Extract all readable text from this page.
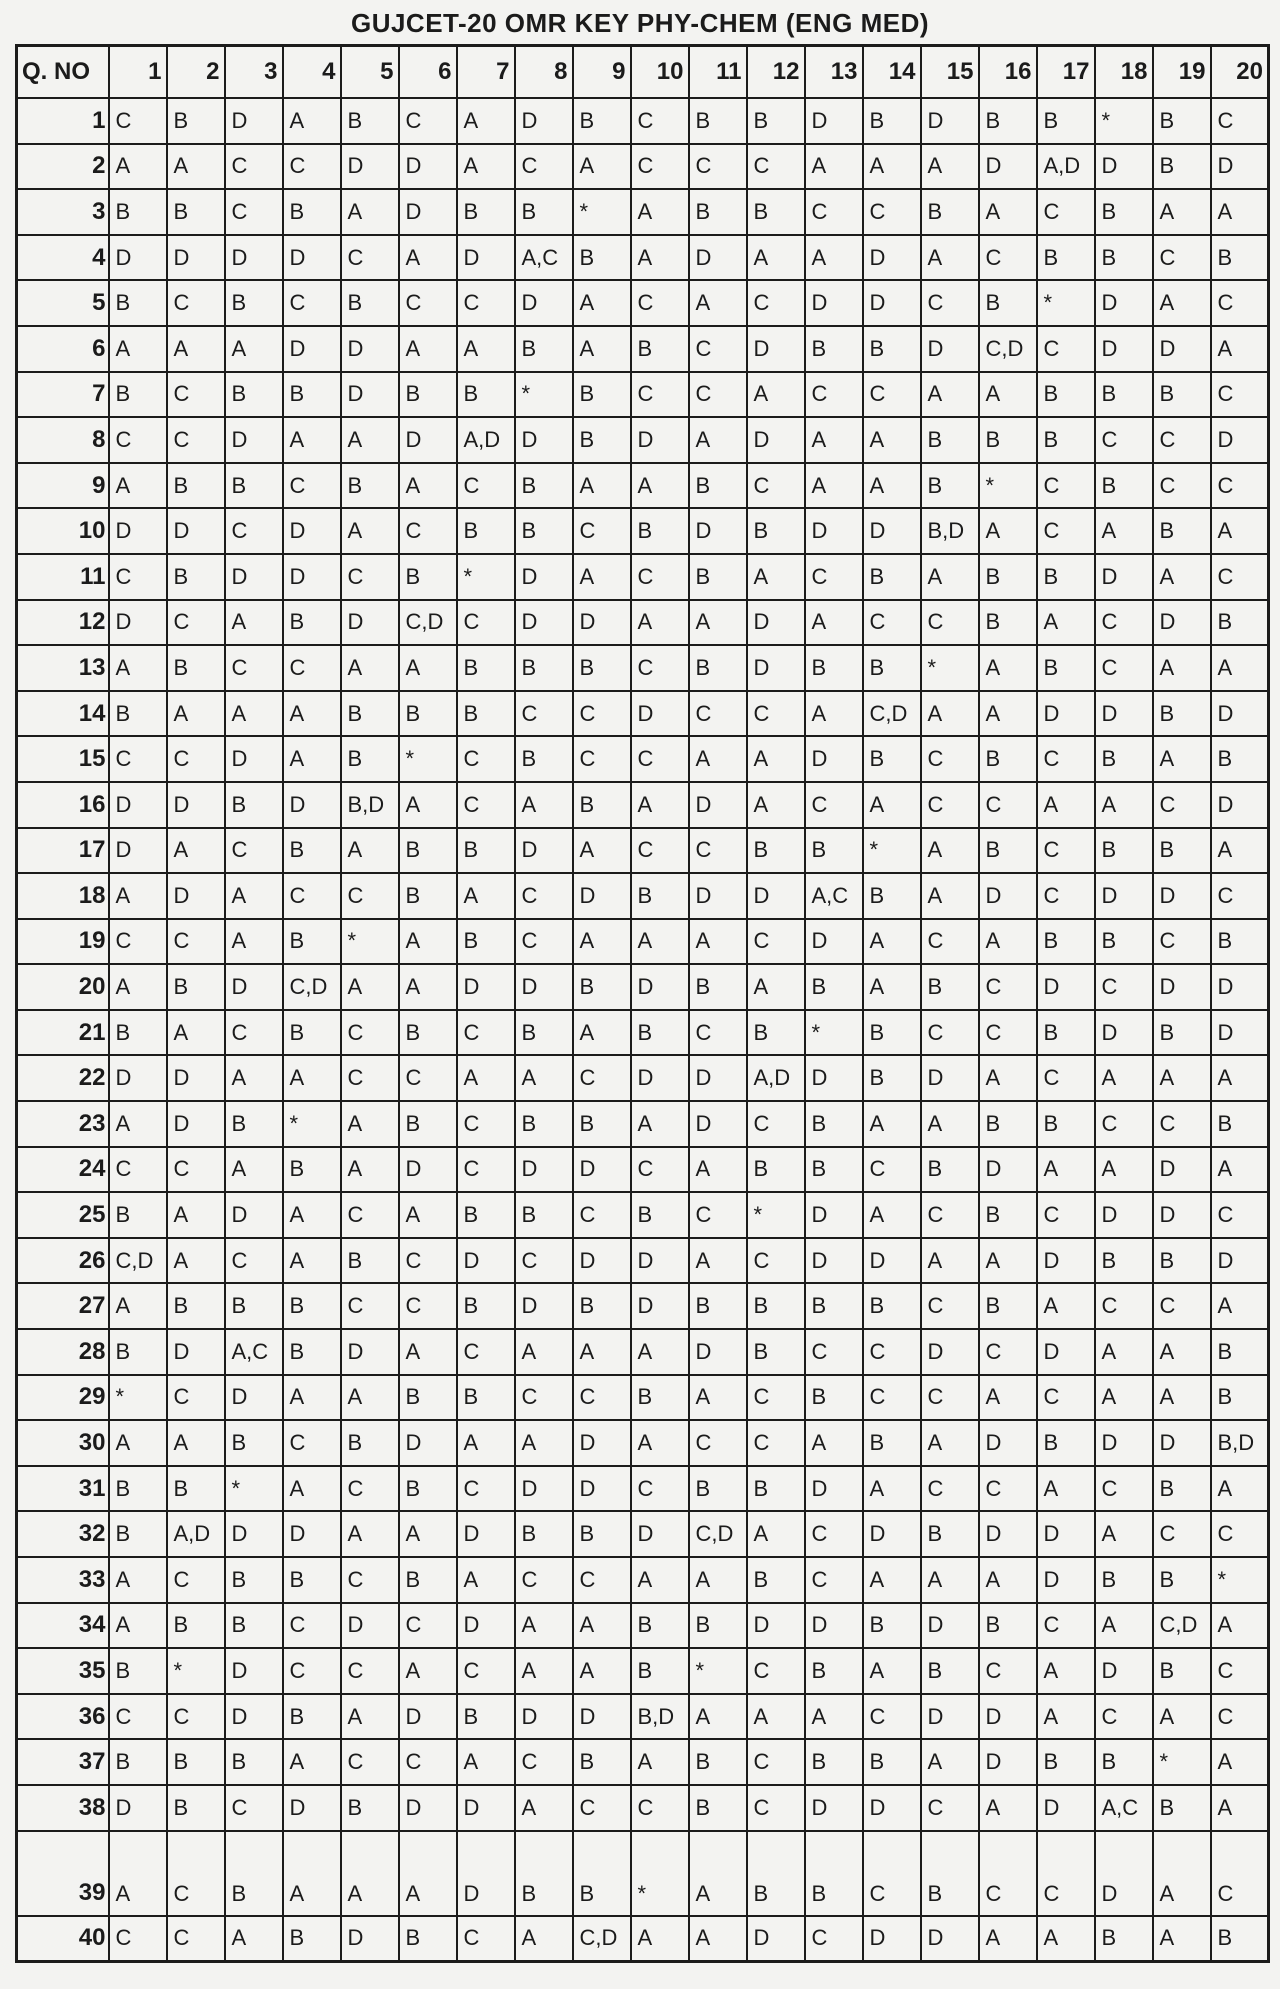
GUJCET-20 OMR KEY PHY-CHEM (ENG MED)
Q. NO	1	2	3	4	5	6	7	8	9	10	11	12	13	14	15	16	17	18	19	20
1	C	B	D	A	B	C	A	D	B	C	B	B	D	B	D	B	B	*	B	C
2	A	A	C	C	D	D	A	C	A	C	C	C	A	A	A	D	A,D	D	B	D
3	B	B	C	B	A	D	B	B	*	A	B	B	C	C	B	A	C	B	A	A
4	D	D	D	D	C	A	D	A,C	B	A	D	A	A	D	A	C	B	B	C	B
5	B	C	B	C	B	C	C	D	A	C	A	C	D	D	C	B	*	D	A	C
6	A	A	A	D	D	A	A	B	A	B	C	D	B	B	D	C,D	C	D	D	A
7	B	C	B	B	D	B	B	*	B	C	C	A	C	C	A	A	B	B	B	C
8	C	C	D	A	A	D	A,D	D	B	D	A	D	A	A	B	B	B	C	C	D
9	A	B	B	C	B	A	C	B	A	A	B	C	A	A	B	*	C	B	C	C
10	D	D	C	D	A	C	B	B	C	B	D	B	D	D	B,D	A	C	A	B	A
11	C	B	D	D	C	B	*	D	A	C	B	A	C	B	A	B	B	D	A	C
12	D	C	A	B	D	C,D	C	D	D	A	A	D	A	C	C	B	A	C	D	B
13	A	B	C	C	A	A	B	B	B	C	B	D	B	B	*	A	B	C	A	A
14	B	A	A	A	B	B	B	C	C	D	C	C	A	C,D	A	A	D	D	B	D
15	C	C	D	A	B	*	C	B	C	C	A	A	D	B	C	B	C	B	A	B
16	D	D	B	D	B,D	A	C	A	B	A	D	A	C	A	C	C	A	A	C	D
17	D	A	C	B	A	B	B	D	A	C	C	B	B	*	A	B	C	B	B	A
18	A	D	A	C	C	B	A	C	D	B	D	D	A,C	B	A	D	C	D	D	C
19	C	C	A	B	*	A	B	C	A	A	A	C	D	A	C	A	B	B	C	B
20	A	B	D	C,D	A	A	D	D	B	D	B	A	B	A	B	C	D	C	D	D
21	B	A	C	B	C	B	C	B	A	B	C	B	*	B	C	C	B	D	B	D
22	D	D	A	A	C	C	A	A	C	D	D	A,D	D	B	D	A	C	A	A	A
23	A	D	B	*	A	B	C	B	B	A	D	C	B	A	A	B	B	C	C	B
24	C	C	A	B	A	D	C	D	D	C	A	B	B	C	B	D	A	A	D	A
25	B	A	D	A	C	A	B	B	C	B	C	*	D	A	C	B	C	D	D	C
26	C,D	A	C	A	B	C	D	C	D	D	A	C	D	D	A	A	D	B	B	D
27	A	B	B	B	C	C	B	D	B	D	B	B	B	B	C	B	A	C	C	A
28	B	D	A,C	B	D	A	C	A	A	A	D	B	C	C	D	C	D	A	A	B
29	*	C	D	A	A	B	B	C	C	B	A	C	B	C	C	A	C	A	A	B
30	A	A	B	C	B	D	A	A	D	A	C	C	A	B	A	D	B	D	D	B,D
31	B	B	*	A	C	B	C	D	D	C	B	B	D	A	C	C	A	C	B	A
32	B	A,D	D	D	A	A	D	B	B	D	C,D	A	C	D	B	D	D	A	C	C
33	A	C	B	B	C	B	A	C	C	A	A	B	C	A	A	A	D	B	B	*
34	A	B	B	C	D	C	D	A	A	B	B	D	D	B	D	B	C	A	C,D	A
35	B	*	D	C	C	A	C	A	A	B	*	C	B	A	B	C	A	D	B	C
36	C	C	D	B	A	D	B	D	D	B,D	A	A	A	C	D	D	A	C	A	C
37	B	B	B	A	C	C	A	C	B	A	B	C	B	B	A	D	B	B	*	A
38	D	B	C	D	B	D	D	A	C	C	B	C	D	D	C	A	D	A,C	B	A
39	A	C	B	A	A	A	D	B	B	*	A	B	B	C	B	C	C	D	A	C
40	C	C	A	B	D	B	C	A	C,D	A	A	D	C	D	D	A	A	B	A	B
